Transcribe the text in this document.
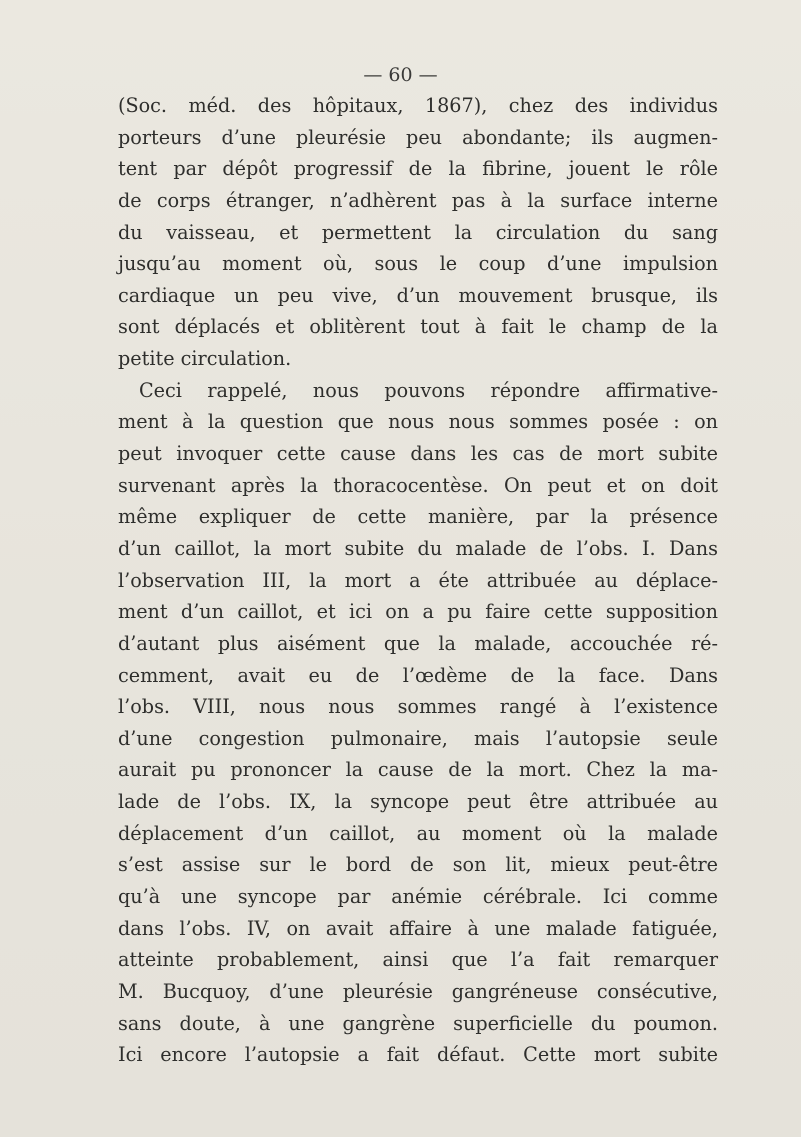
— 60 —
(Soc. méd. des hôpitaux, 1867), chez des individus
porteurs d’une pleurésie peu abondante; ils augmen-
tent par dépôt progressif de la fibrine, jouent le rôle
de corps étranger, n’adhèrent pas à la surface interne
du vaisseau, et permettent la circulation du sang
jusqu’au moment où, sous le coup d’une impulsion
cardiaque un peu vive, d’un mouvement brusque, ils
sont déplacés et oblitèrent tout à fait le champ de la
petite circulation.
Ceci rappelé, nous pouvons répondre affirmative-
ment à la question que nous nous sommes posée : on
peut invoquer cette cause dans les cas de mort subite
survenant après la thoracocentèse. On peut et on doit
même expliquer de cette manière, par la présence
d’un caillot, la mort subite du malade de l’obs. I. Dans
l’observation III, la mort a éte attribuée au déplace-
ment d’un caillot, et ici on a pu faire cette supposition
d’autant plus aisément que la malade, accouchée ré-
cemment, avait eu de l’œdème de la face. Dans
l’obs. VIII, nous nous sommes rangé à l’existence
d’une congestion pulmonaire, mais l’autopsie seule
aurait pu prononcer la cause de la mort. Chez la ma-
lade de l’obs. IX, la syncope peut être attribuée au
déplacement d’un caillot, au moment où la malade
s’est assise sur le bord de son lit, mieux peut-être
qu’à une syncope par anémie cérébrale. Ici comme
dans l’obs. IV, on avait affaire à une malade fatiguée,
atteinte probablement, ainsi que l’a fait remarquer
M. Bucquoy, d’une pleurésie gangréneuse consécutive,
sans doute, à une gangrène superficielle du poumon.
Ici encore l’autopsie a fait défaut. Cette mort subite
